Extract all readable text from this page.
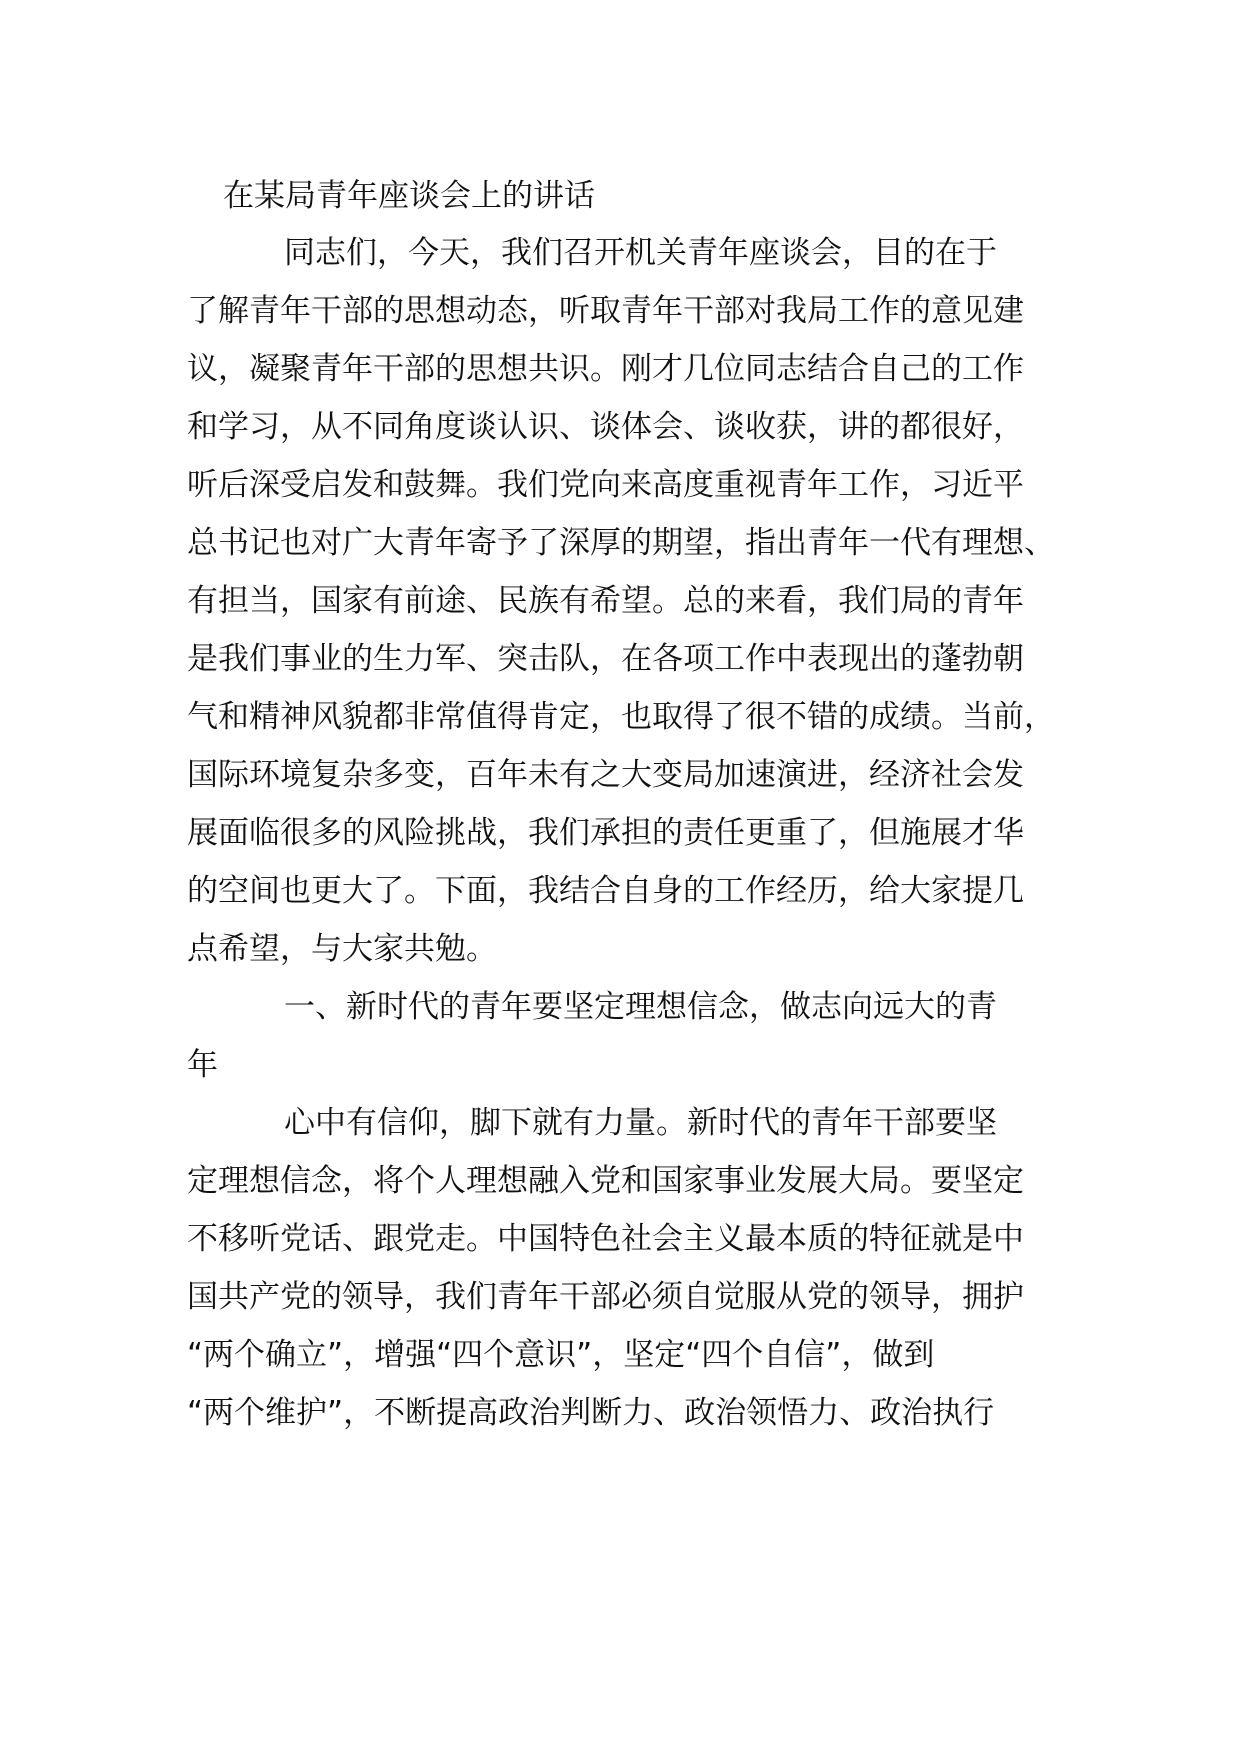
在某局青年座谈会上的讲话
同志们，今天，我们召开机关青年座谈会，目的在于
了解青年干部的思想动态，听取青年干部对我局工作的意见建
议，凝聚青年干部的思想共识。刚才几位同志结合自己的工作
和学习，从不同角度谈认识、谈体会、谈收获，讲的都很好，
听后深受启发和鼓舞。我们党向来高度重视青年工作，习近平
总书记也对广大青年寄予了深厚的期望，指出青年一代有理想、
有担当，国家有前途、民族有希望。总的来看，我们局的青年
是我们事业的生力军、突击队，在各项工作中表现出的蓬勃朝
气和精神风貌都非常值得肯定，也取得了很不错的成绩。当前，
国际环境复杂多变，百年未有之大变局加速演进，经济社会发
展面临很多的风险挑战，我们承担的责任更重了，但施展才华
的空间也更大了。下面，我结合自身的工作经历，给大家提几
点希望，与大家共勉。
一、新时代的青年要坚定理想信念，做志向远大的青
年
心中有信仰，脚下就有力量。新时代的青年干部要坚
定理想信念，将个人理想融入党和国家事业发展大局。要坚定
不移听党话、跟党走。中国特色社会主义最本质的特征就是中
国共产党的领导，我们青年干部必须自觉服从党的领导，拥护
“两个确立”，增强“四个意识”，坚定“四个自信”，做到
“两个维护”，不断提高政治判断力、政治领悟力、政治执行
